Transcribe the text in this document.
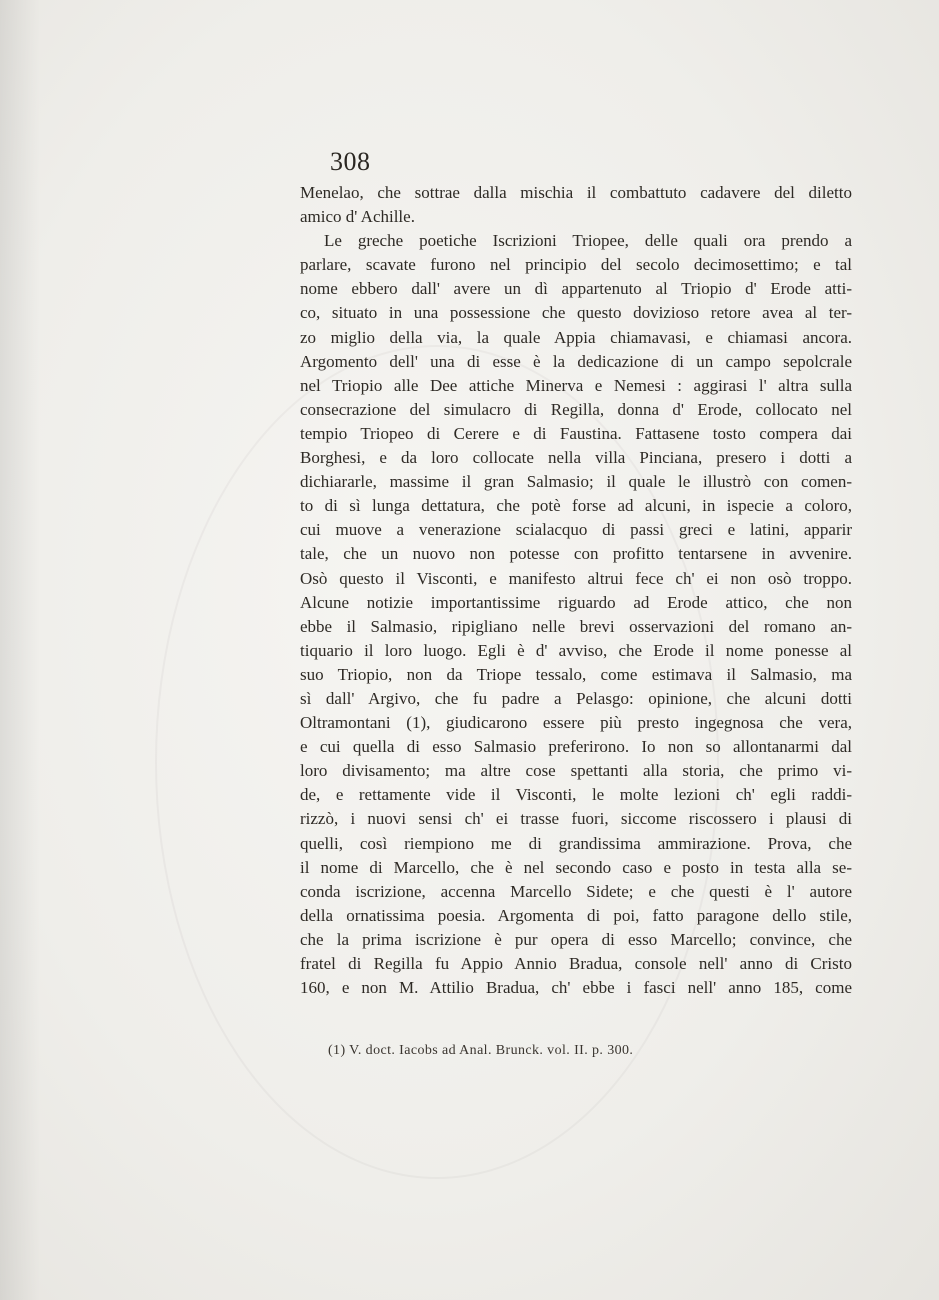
308
Menelao, che sottrae dalla mischia il combattuto cadavere del diletto
amico d' Achille.
Le greche poetiche Iscrizioni Triopee, delle quali ora prendo a
parlare, scavate furono nel principio del secolo decimosettimo; e tal
nome ebbero dall' avere un dì appartenuto al Triopio d' Erode atti-
co, situato in una possessione che questo dovizioso retore avea al ter-
zo miglio della via, la quale Appia chiamavasi, e chiamasi ancora.
Argomento dell' una di esse è la dedicazione di un campo sepolcrale
nel Triopio alle Dee attiche Minerva e Nemesi : aggirasi l' altra sulla
consecrazione del simulacro di Regilla, donna d' Erode, collocato nel
tempio Triopeo di Cerere e di Faustina. Fattasene tosto compera dai
Borghesi, e da loro collocate nella villa Pinciana, presero i dotti a
dichiararle, massime il gran Salmasio; il quale le illustrò con comen-
to di sì lunga dettatura, che potè forse ad alcuni, in ispecie a coloro,
cui muove a venerazione scialacquo di passi greci e latini, apparir
tale, che un nuovo non potesse con profitto tentarsene in avvenire.
Osò questo il Visconti, e manifesto altrui fece ch' ei non osò troppo.
Alcune notizie importantissime riguardo ad Erode attico, che non
ebbe il Salmasio, ripigliano nelle brevi osservazioni del romano an-
tiquario il loro luogo. Egli è d' avviso, che Erode il nome ponesse al
suo Triopio, non da Triope tessalo, come estimava il Salmasio, ma
sì dall' Argivo, che fu padre a Pelasgo: opinione, che alcuni dotti
Oltramontani (1), giudicarono essere più presto ingegnosa che vera,
e cui quella di esso Salmasio preferirono. Io non so allontanarmi dal
loro divisamento; ma altre cose spettanti alla storia, che primo vi-
de, e rettamente vide il Visconti, le molte lezioni ch' egli raddi-
rizzò, i nuovi sensi ch' ei trasse fuori, siccome riscossero i plausi di
quelli, così riempiono me di grandissima ammirazione. Prova, che
il nome di Marcello, che è nel secondo caso e posto in testa alla se-
conda iscrizione, accenna Marcello Sidete; e che questi è l' autore
della ornatissima poesia. Argomenta di poi, fatto paragone dello stile,
che la prima iscrizione è pur opera di esso Marcello; convince, che
fratel di Regilla fu Appio Annio Bradua, console nell' anno di Cristo
160, e non M. Attilio Bradua, ch' ebbe i fasci nell' anno 185, come
(1) V. doct. Iacobs ad Anal. Brunck. vol. II. p. 300.
